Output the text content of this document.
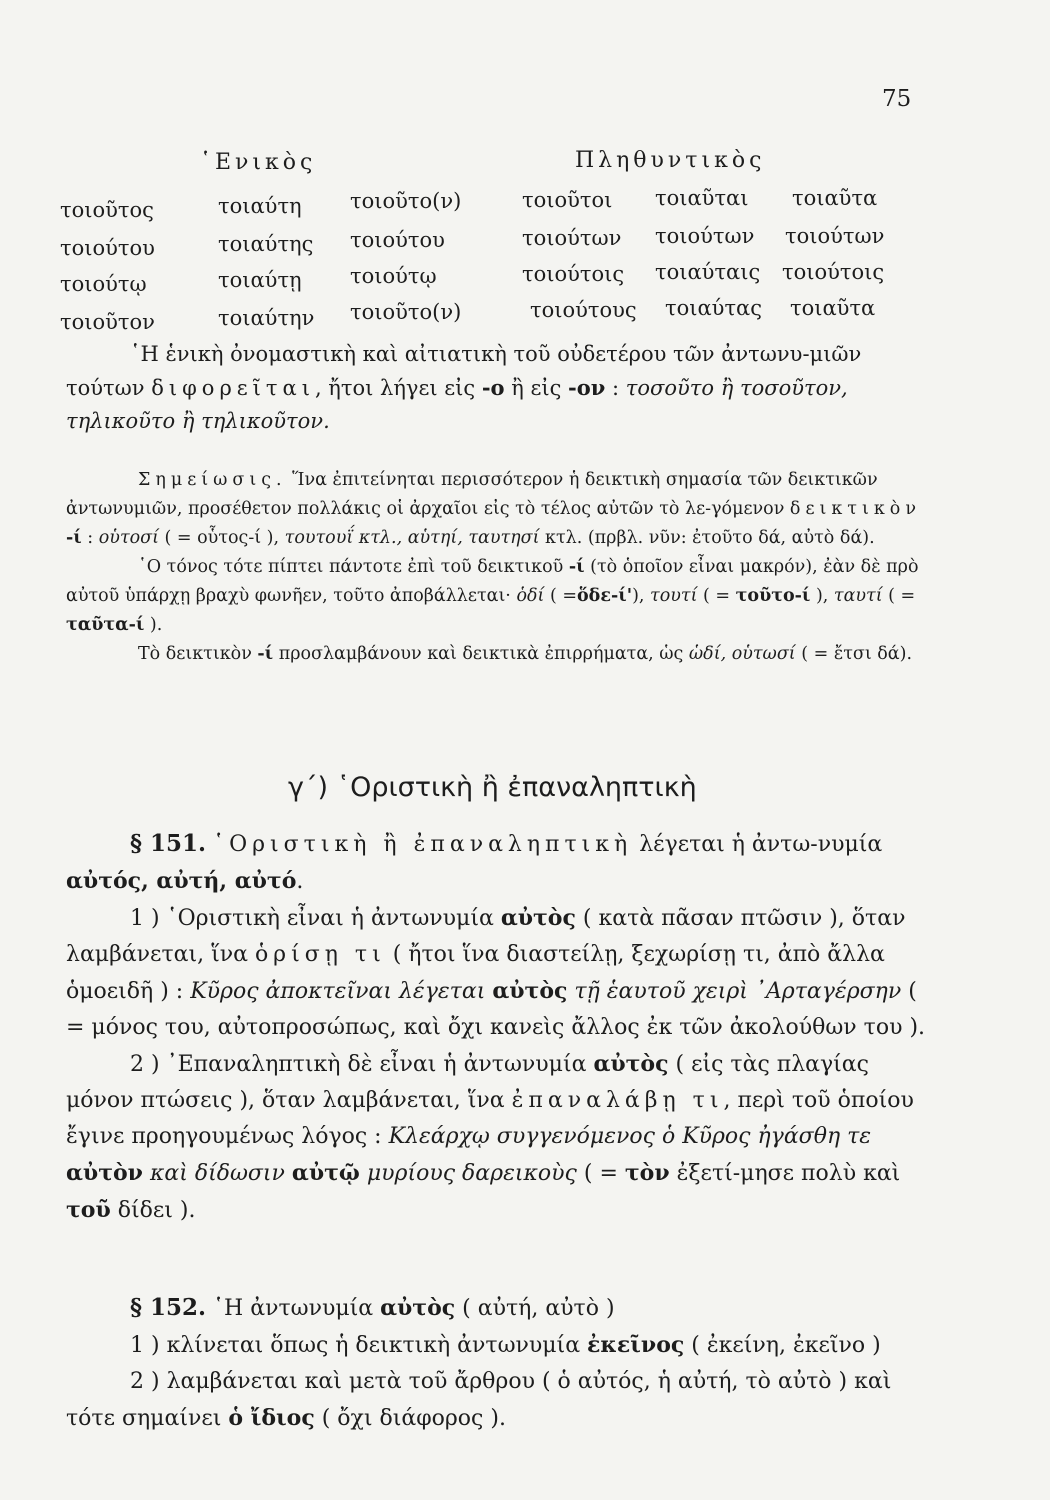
75
῾Ενικὸς	Πληθυντικὸς
τοιοῦτος	τοιαύτη τοιοῦτο(ν)	τοιοῦτοι τοιαῦται τοιαῦτα
τοιούτου	τοιαύτης τοιούτου	τοιούτων τοιούτων τοιούτων
τοιούτῳ	τοιαύτῃ τοιούτῳ	τοιούτοις τοιαύταις τοιούτοις
τοιοῦτον	τοιαύτην τοιοῦτο(ν)	τοιούτους τοιαύτας τοιαῦτα
῾Η ἑνικὴ ὀνομαστικὴ καὶ αἰτιατικὴ τοῦ οὐδετέρου τῶν ἀντωνυ-μιῶν τούτων διφορεῖται, ἤτοι λήγει εἰς -ο ἢ εἰς -ον : τοσοῦτο ἢ τοσοῦτον, τηλικοῦτο ἢ τηλικοῦτον.
Σημείωσις. Ἵνα ἐπιτείνηται περισσότερον ἡ δεικτικὴ σημασία τῶν δεικτικῶν ἀντωνυμιῶν, προσέθετον πολλάκις οἱ ἀρχαῖοι εἰς τὸ τέλος αὐτῶν τὸ λε-γόμενον δεικτικὸν -ί : οὑτοσί ( = οὗτος-ί ), τουτουΐ κτλ., αὑτηί, ταυτησί κτλ. (πρβλ. νῦν: ἐτοῦτο δά, αὐτὸ δά).
῾Ο τόνος τότε πίπτει πάντοτε ἐπὶ τοῦ δεικτικοῦ -ί (τὸ ὁποῖον εἶναι μακρόν), ἐὰν δὲ πρὸ αὐτοῦ ὑπάρχῃ βραχὺ φωνῆεν, τοῦτο ἀποβάλλεται· ὁδί ( =ὅδε-ί'), τουτί ( = τοῦτο-ί ), ταυτί ( = ταῦτα-ί ).
Τὸ δεικτικὸν -ί προσλαμβάνουν καὶ δεικτικὰ ἐπιρρήματα, ὡς ὡδί, οὑτωσί ( = ἔτσι δά).
γ΄) ῾Οριστικὴ ἢ ἐπαναληπτικὴ
§ 151. ῾Οριστικὴ ἢ ἐπαναληπτικὴ λέγεται ἡ ἀντω-νυμία αὐτός, αὐτή, αὐτό.
1 ) ῾Οριστικὴ εἶναι ἡ ἀντωνυμία αὐτὸς ( κατὰ πᾶσαν πτῶσιν ), ὅταν λαμβάνεται, ἵνα ὁρίσῃ τι ( ἤτοι ἵνα διαστείλῃ, ξεχωρίσῃ τι, ἀπὸ ἄλλα ὁμοειδῆ ) : Κῦρος ἀποκτεῖναι λέγεται αὐτὸς τῇ ἑαυτοῦ χειρὶ ᾽Αρταγέρσην ( = μόνος του, αὐτοπροσώπως, καὶ ὄχι κανεὶς ἄλλος ἐκ τῶν ἀκολούθων του ).
2 ) ᾽Επαναληπτικὴ δὲ εἶναι ἡ ἀντωνυμία αὐτὸς ( εἰς τὰς πλαγίας μόνον πτώσεις ), ὅταν λαμβάνεται, ἵνα ἐπαναλάβῃ τι, περὶ τοῦ ὁποίου ἔγινε προηγουμένως λόγος : Κλεάρχῳ συγγενόμενος ὁ Κῦρος ἠγάσθη τε αὐτὸν καὶ δίδωσιν αὐτῷ μυρίους δαρεικοὺς ( = τὸν ἐξετί-μησε πολὺ καὶ τοῦ δίδει ).
§ 152. ῾Η ἀντωνυμία αὐτὸς ( αὐτή, αὐτὸ )
1 ) κλίνεται ὅπως ἡ δεικτικὴ ἀντωνυμία ἐκεῖνος ( ἐκείνη, ἐκεῖνο )
2 ) λαμβάνεται καὶ μετὰ τοῦ ἄρθρου ( ὁ αὐτός, ἡ αὐτή, τὸ αὐτὸ ) καὶ τότε σημαίνει ὁ ἴδιος ( ὄχι διάφορος ).
